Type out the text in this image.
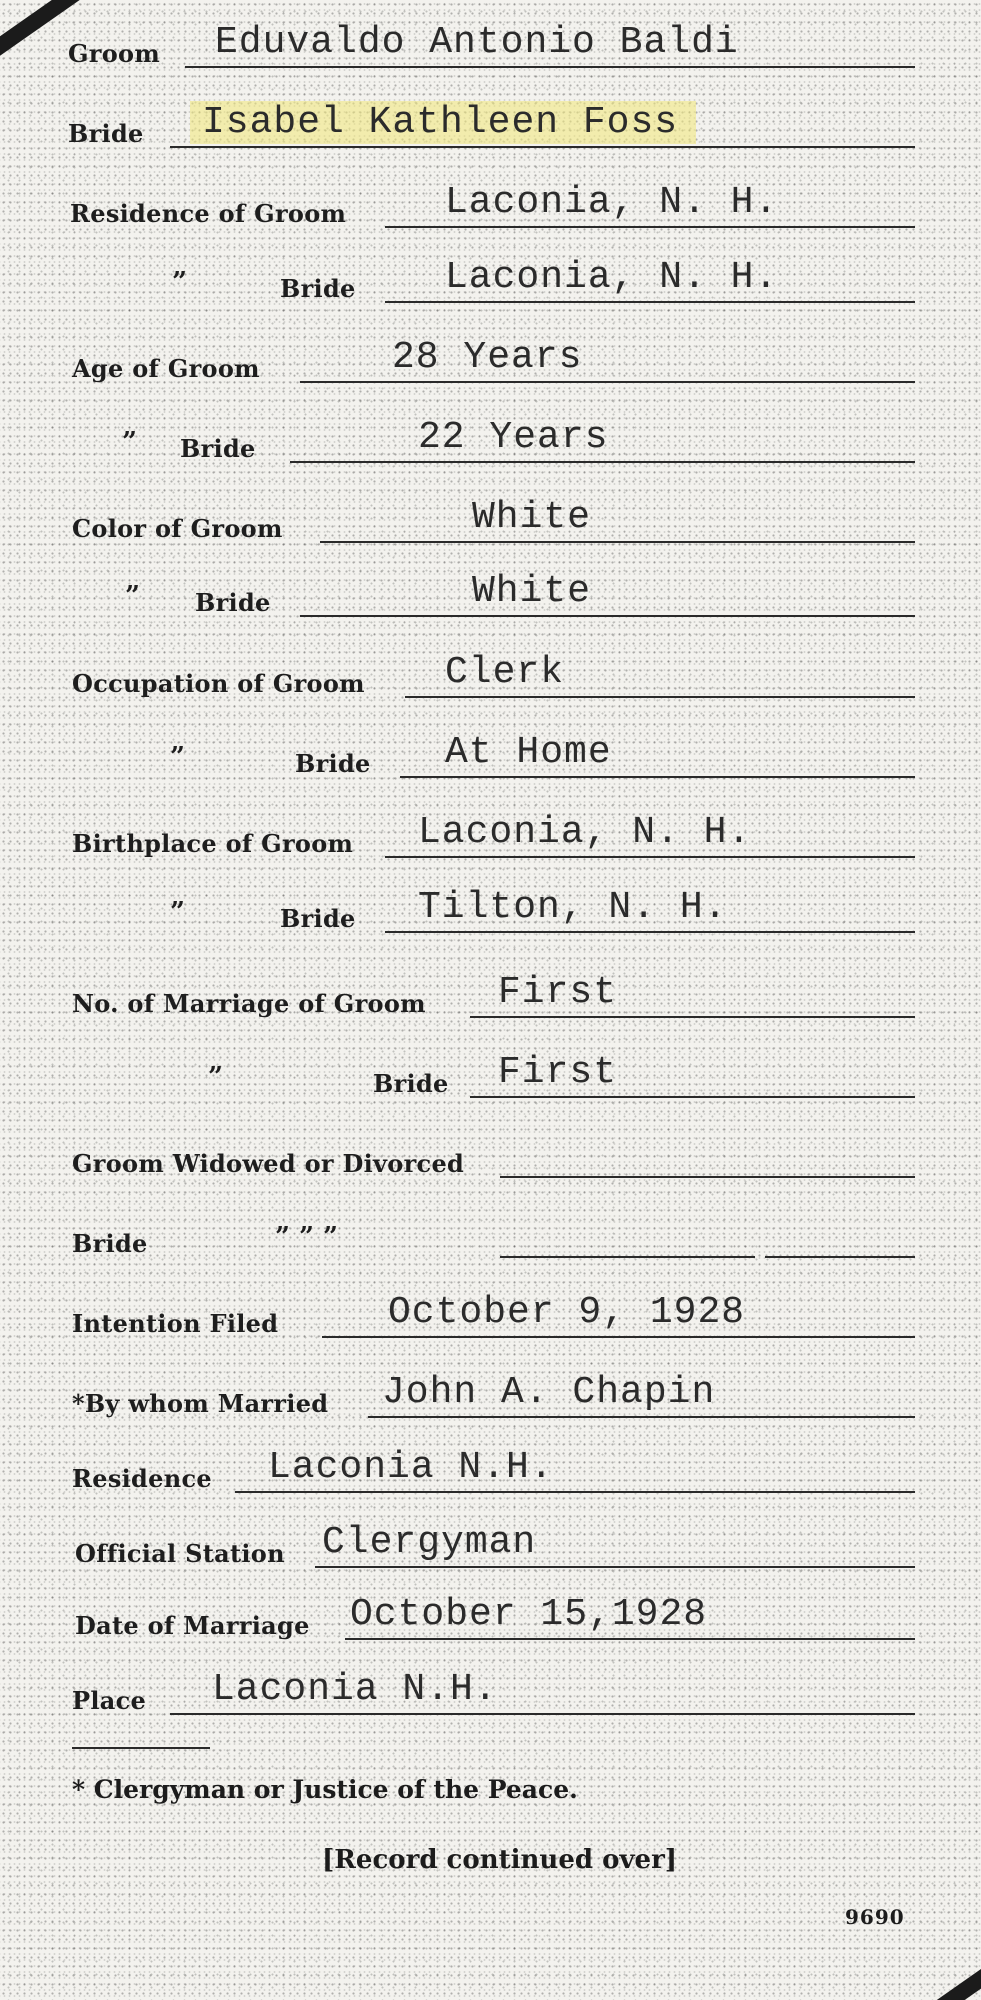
Groom Eduvaldo Antonio Baldi
Bride	Isabel Kathleen Foss
Residence of Groom	Laconia, N. H.
”	Bride Laconia, N. H.
Age of Groom	28 Years
” Bride	22 Years
Color of Groom	White
” Bride	White
Occupation of Groom Clerk
”	Bride At Home
Birthplace of Groom Laconia, N. H.
”	Bride Tilton, N. H.
No. of Marriage of Groom First
”	Bride First
Groom Widowed or Divorced
Bride	” ” ”
Intention Filed	October 9, 1928
*By whom Married John A. Chapin
Residence Laconia N.H.
Official Station Clergyman
Date of Marriage October 15,1928
Place Laconia N.H.
* Clergyman or Justice of the Peace.
[Record continued over]
9690
